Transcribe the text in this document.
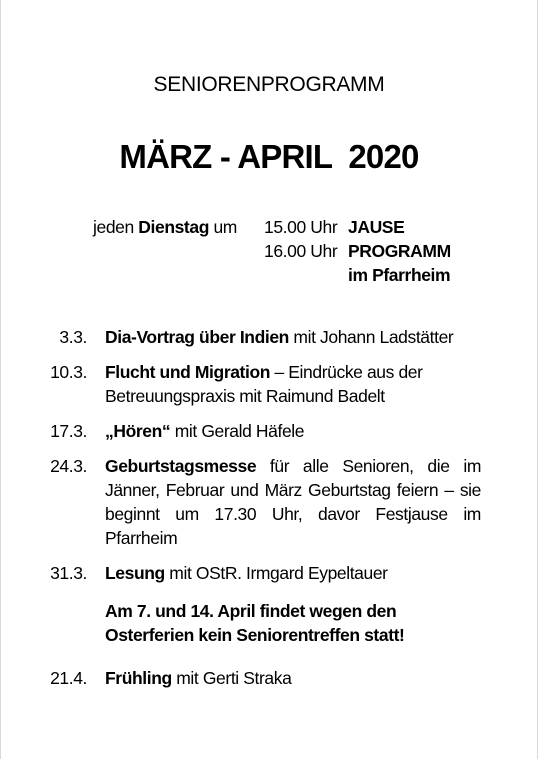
SENIORENPROGRAMM
MÄRZ - APRIL  2020
jeden Dienstag um 15.00 Uhr
16.00 Uhr
JAUSE
PROGRAMM
im Pfarrheim
3.3. Dia-Vortrag über Indien mit Johann Ladstätter
10.3. Flucht und Migration – Eindrücke aus der Betreuungspraxis mit Raimund Badelt
17.3. „Hören“ mit Gerald Häfele
24.3. Geburtstagsmesse für alle Senioren, die im Jänner, Februar und März Geburtstag feiern – sie beginnt um 17.30 Uhr, davor Festjause im Pfarrheim
31.3. Lesung mit OStR. Irmgard Eypeltauer
Am 7. und 14. April findet wegen den
Osterferien kein Seniorentreffen statt!
21.4. Frühling mit Gerti Straka
